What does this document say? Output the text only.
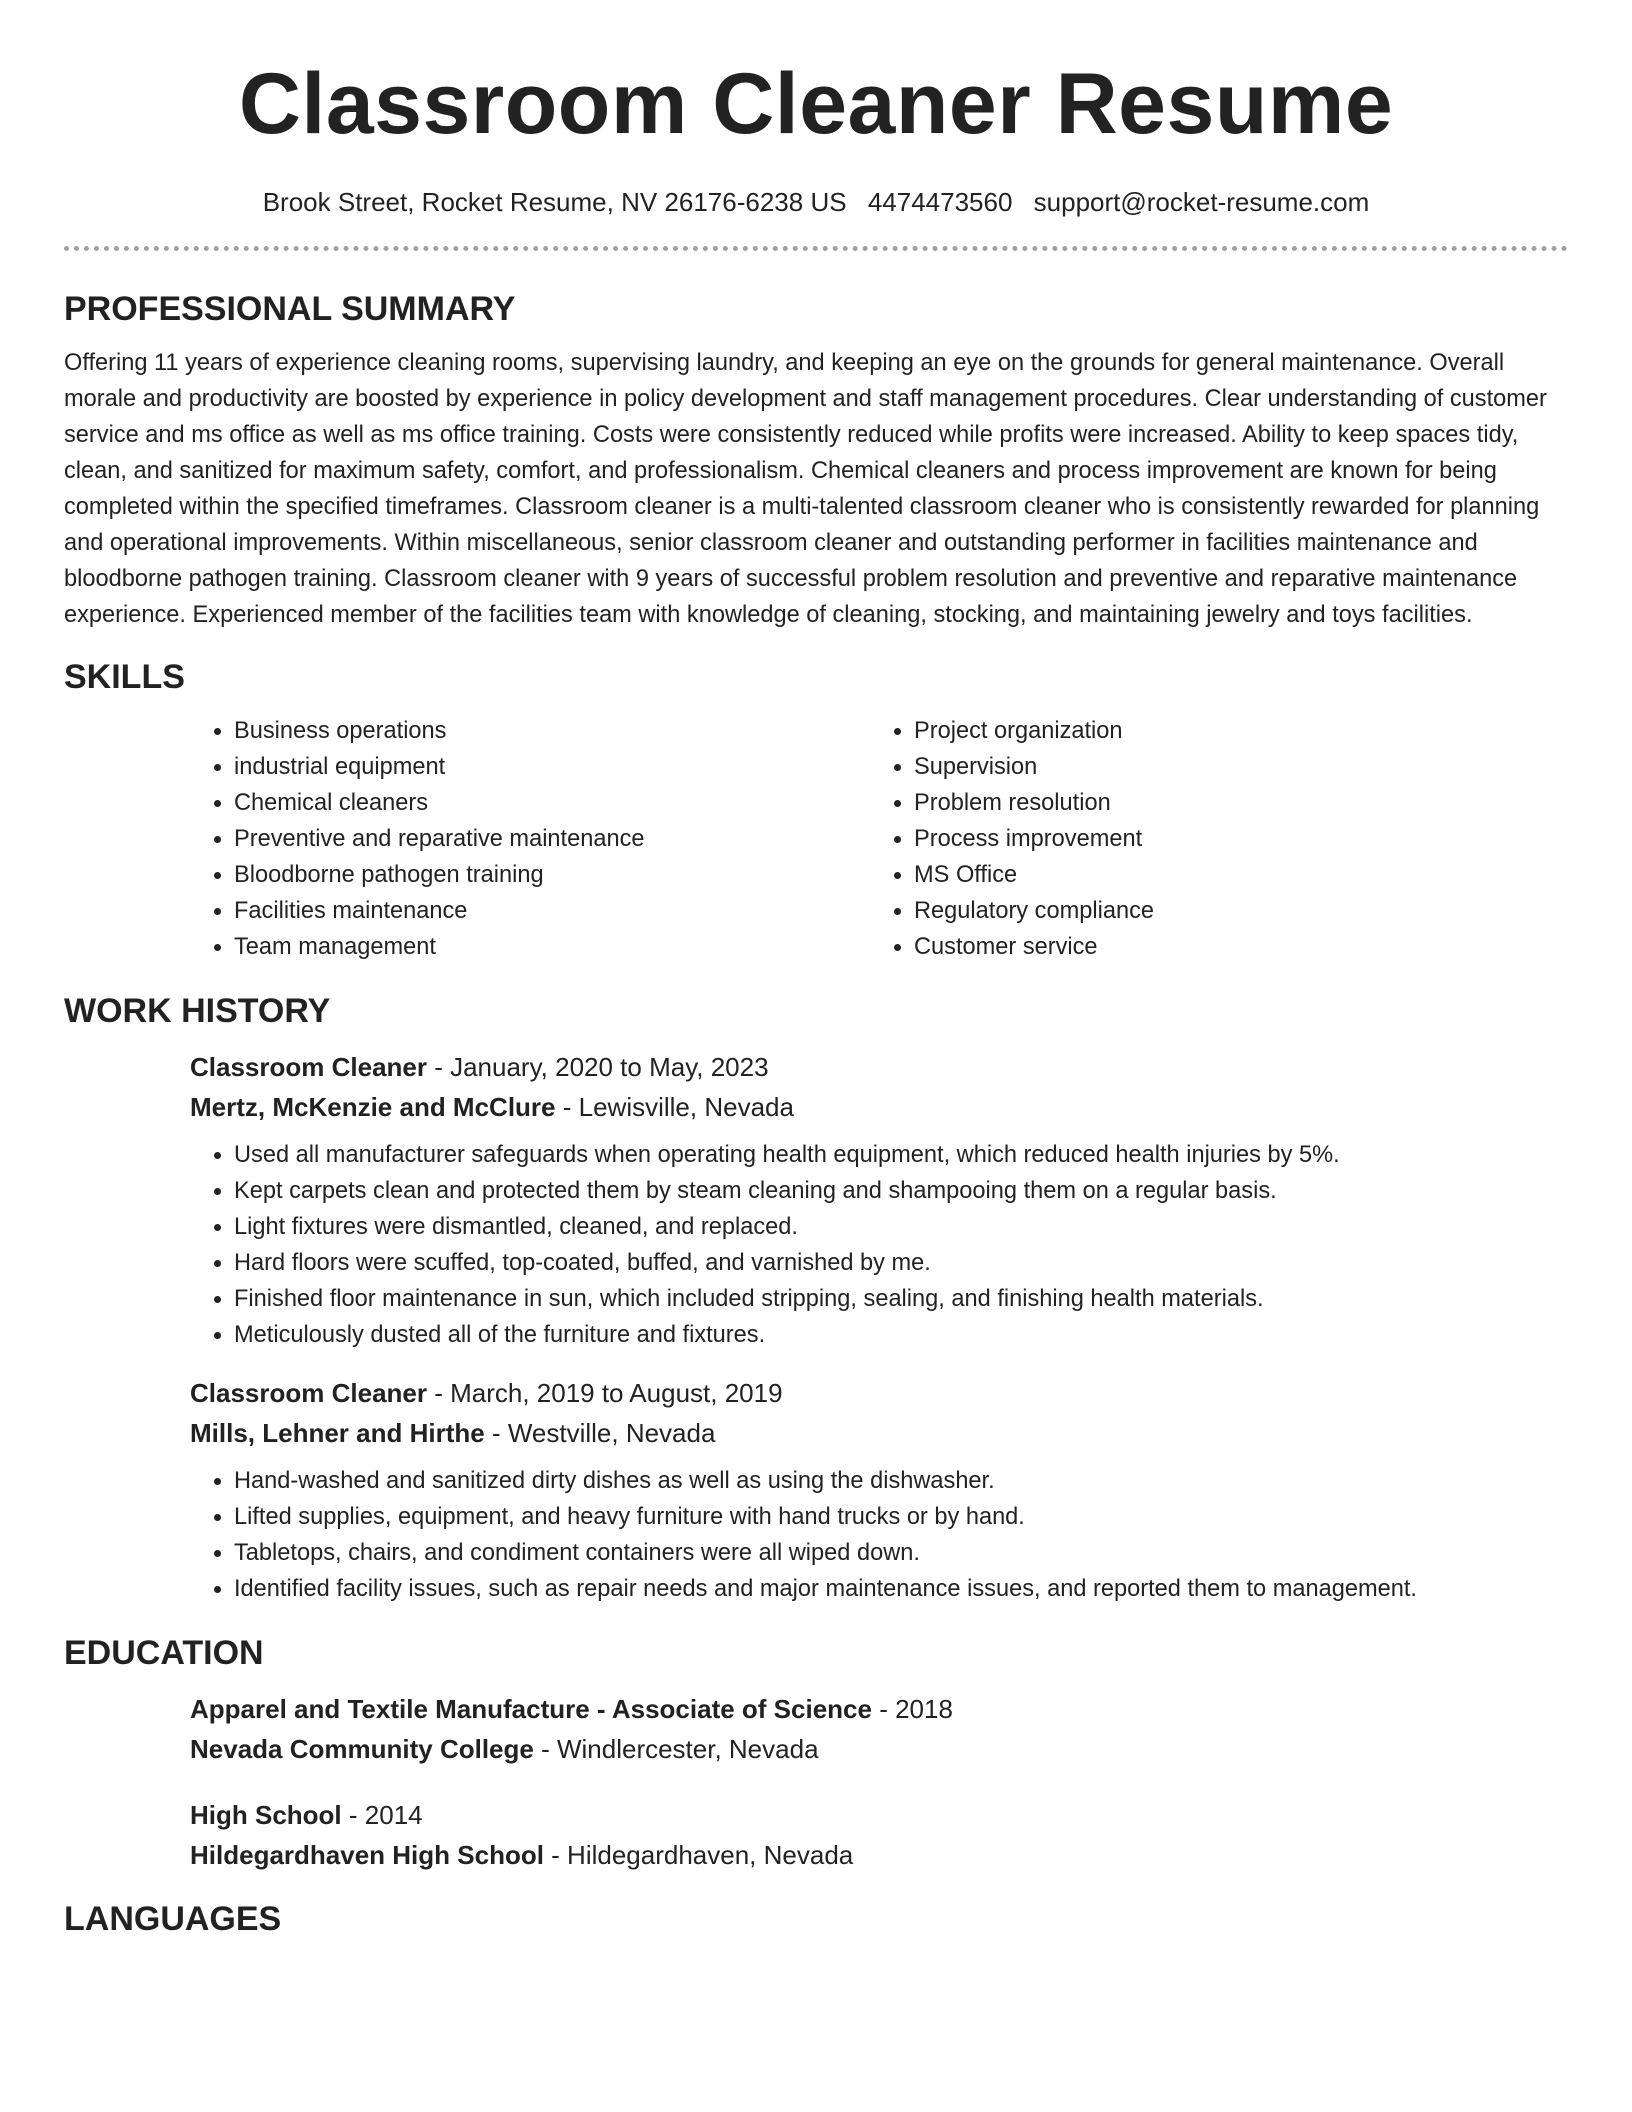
Classroom Cleaner Resume
Brook Street, Rocket Resume, NV 26176-6238 US 4474473560 support@rocket-resume.com
PROFESSIONAL SUMMARY

Offering 11 years of experience cleaning rooms, supervising laundry, and keeping an eye on the grounds for general maintenance. Overall morale and productivity are boosted by experience in policy development and staff management procedures. Clear understanding of customer service and ms office as well as ms office training. Costs were consistently reduced while profits were increased. Ability to keep spaces tidy, clean, and sanitized for maximum safety, comfort, and professionalism. Chemical cleaners and process improvement are known for being completed within the specified timeframes. Classroom cleaner is a multi-talented classroom cleaner who is consistently rewarded for planning and operational improvements. Within miscellaneous, senior classroom cleaner and outstanding performer in facilities maintenance and bloodborne pathogen training. Classroom cleaner with 9 years of successful problem resolution and preventive and reparative maintenance experience. Experienced member of the facilities team with knowledge of cleaning, stocking, and maintaining jewelry and toys facilities.

SKILLS
• Business operations
• industrial equipment
• Chemical cleaners
• Preventive and reparative maintenance
• Bloodborne pathogen training
• Facilities maintenance
• Team management
• Project organization
• Supervision
• Problem resolution
• Process improvement
• MS Office
• Regulatory compliance
• Customer service
WORK HISTORY
Classroom Cleaner - January, 2020 to May, 2023
Mertz, McKenzie and McClure - Lewisville, Nevada
• Used all manufacturer safeguards when operating health equipment, which reduced health injuries by 5%.
• Kept carpets clean and protected them by steam cleaning and shampooing them on a regular basis.
• Light fixtures were dismantled, cleaned, and replaced.
• Hard floors were scuffed, top-coated, buffed, and varnished by me.
• Finished floor maintenance in sun, which included stripping, sealing, and finishing health materials.
• Meticulously dusted all of the furniture and fixtures.
Classroom Cleaner - March, 2019 to August, 2019
Mills, Lehner and Hirthe - Westville, Nevada
• Hand-washed and sanitized dirty dishes as well as using the dishwasher.
• Lifted supplies, equipment, and heavy furniture with hand trucks or by hand.
• Tabletops, chairs, and condiment containers were all wiped down.
• Identified facility issues, such as repair needs and major maintenance issues, and reported them to management.
EDUCATION
Apparel and Textile Manufacture - Associate of Science - 2018
Nevada Community College - Windlercester, Nevada
High School - 2014
Hildegardhaven High School - Hildegardhaven, Nevada
LANGUAGES
